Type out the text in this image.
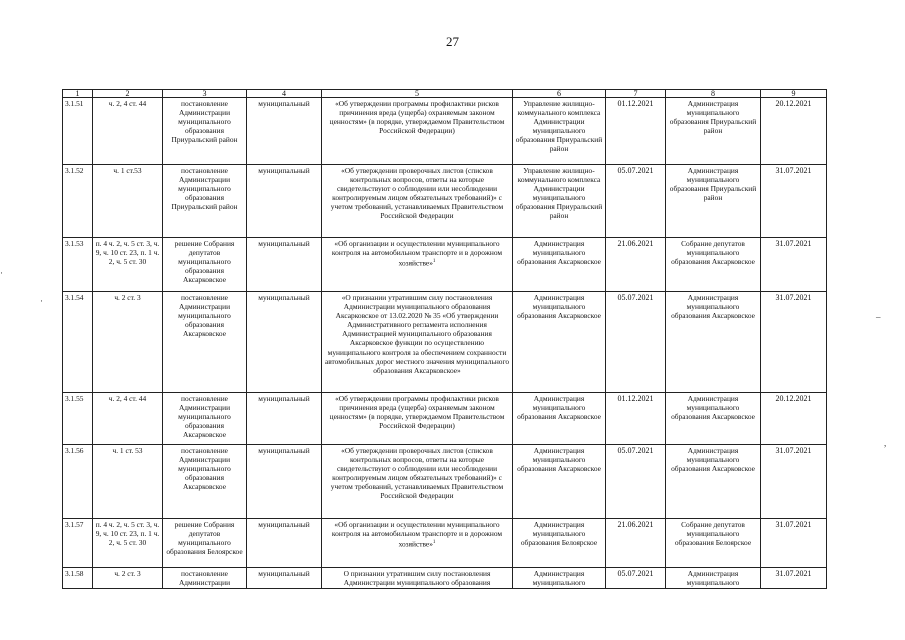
27
·
·
–
,
1	2	3	4	5	6	7	8	9
3.1.51	ч. 2, 4 ст. 44	постановление Администрации муниципального образования Приуральский район	муниципальный	«Об утверждении программы профилактики рисков причинения вреда (ущерба) охраняемым законом ценностям» (в порядке, утверждаемом Правительством Российской Федерации)	Управление жилищно-коммунального комплекса Администрации муниципального образования Приуральский район	01.12.2021	Администрация муниципального образования Приуральский район	20.12.2021
3.1.52	ч. 1 ст.53	постановление Администрации муниципального образования Приуральский район	муниципальный	«Об утверждении проверочных листов (списков контрольных вопросов, ответы на которые свидетельствуют о соблюдении или несоблюдении контролируемым лицом обязательных требований)» с учетом требований, устанавливаемых Правительством Российской Федерации	Управление жилищно-коммунального комплекса Администрации муниципального образования Приуральский район	05.07.2021	Администрация муниципального образования Приуральский район	31.07.2021
3.1.53	п. 4 ч. 2, ч. 5 ст. 3, ч. 9, ч. 10 ст. 23, п. 1 ч. 2, ч. 5 ст. 30	решение Собрания депутатов муниципального образования Аксарковское	муниципальный	«Об организации и осуществлении муниципального контроля на автомобильном транспорте и в дорожном хозяйстве»$^1$	Администрация муниципального образования Аксарковское	21.06.2021	Собрание депутатов муниципального образования Аксарковское	31.07.2021
3.1.54	ч. 2 ст. 3	постановление Администрации муниципального образования Аксарковское	муниципальный	«О признании утратившим силу постановления Администрации муниципального образования Аксарковское от 13.02.2020 № 35 «Об утверждении Административного регламента исполнения Администрацией муниципального образования Аксарковское функции по осуществлению муниципального контроля за обеспечением сохранности автомобильных дорог местного значения муниципального образования Аксарковское»	Администрация муниципального образования Аксарковское	05.07.2021	Администрация муниципального образования Аксарковское	31.07.2021
3.1.55	ч. 2, 4 ст. 44	постановление Администрации муниципального образования Аксарковское	муниципальный	«Об утверждении программы профилактики рисков причинения вреда (ущерба) охраняемым законом ценностям» (в порядке, утверждаемом Правительством Российской Федерации)	Администрация муниципального образования Аксарковское	01.12.2021	Администрация муниципального образования Аксарковское	20.12.2021
3.1.56	ч. 1 ст. 53	постановление Администрации муниципального образования Аксарковское	муниципальный	«Об утверждении проверочных листов (списков контрольных вопросов, ответы на которые свидетельствуют о соблюдении или несоблюдении контролируемым лицом обязательных требований)» с учетом требований, устанавливаемых Правительством Российской Федерации	Администрация муниципального образования Аксарковское	05.07.2021	Администрация муниципального образования Аксарковское	31.07.2021
3.1.57	п. 4 ч. 2, ч. 5 ст. 3, ч. 9, ч. 10 ст. 23, п. 1 ч. 2, ч. 5 ст. 30	решение Собрания депутатов муниципального образования Белоярское	муниципальный	«Об организации и осуществлении муниципального контроля на автомобильном транспорте и в дорожном хозяйстве»$^1$	Администрация муниципального образования Белоярское	21.06.2021	Собрание депутатов муниципального образования Белоярское	31.07.2021
3.1.58	ч. 2 ст. 3	постановление Администрации	муниципальный	О признании утратившим силу постановления Администрации муниципального образования	Администрация муниципального	05.07.2021	Администрация муниципального	31.07.2021
